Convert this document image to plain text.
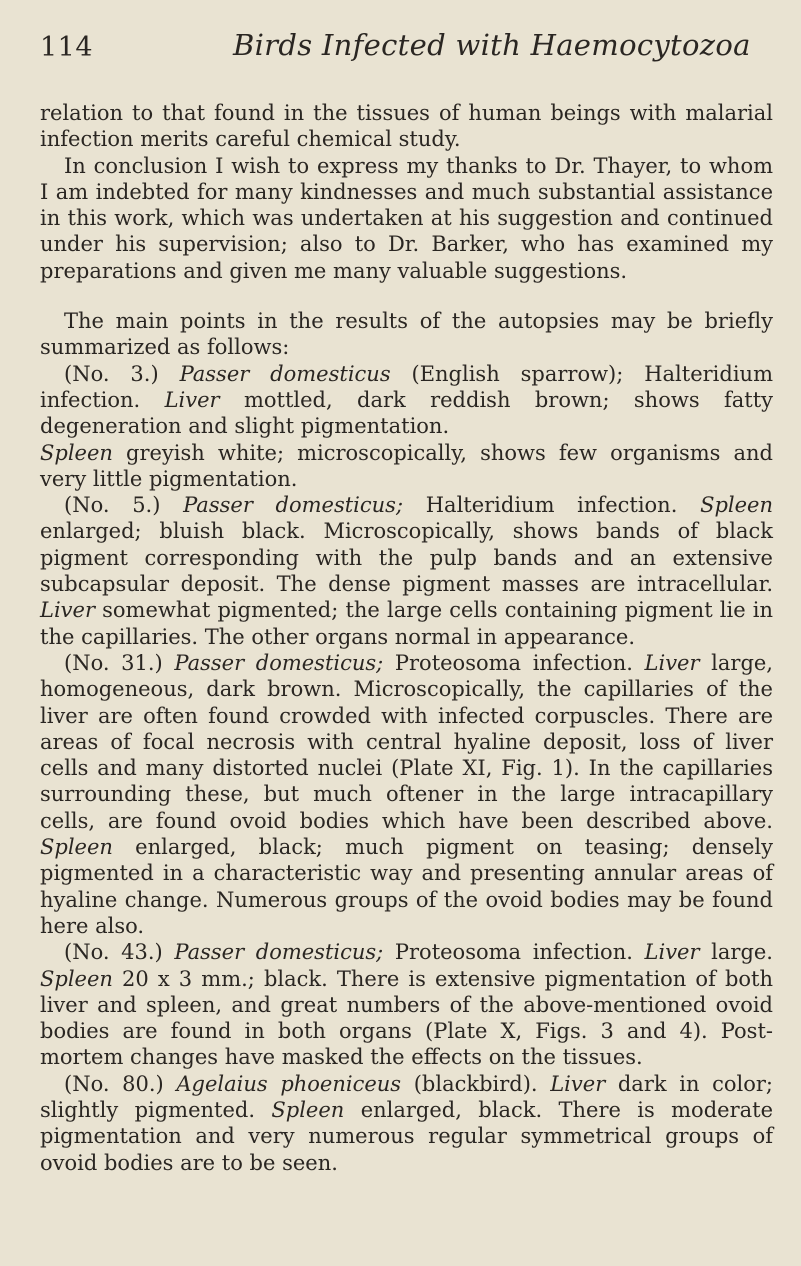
114	Birds Infected with Haemocytozoa

relation to that found in the tissues of human beings with malarial infection merits careful chemical study.

In conclusion I wish to express my thanks to Dr. Thayer, to whom I am indebted for many kindnesses and much substantial assistance in this work, which was undertaken at his suggestion and continued under his supervision; also to Dr. Barker, who has examined my preparations and given me many valuable suggestions.

The main points in the results of the autopsies may be briefly summarized as follows:

(No. 3.) Passer domesticus (English sparrow); Halteridium infection. Liver mottled, dark reddish brown; shows fatty degeneration and slight pigmentation.

Spleen greyish white; microscopically, shows few organisms and very little pigmentation.

(No. 5.) Passer domesticus; Halteridium infection. Spleen enlarged; bluish black. Microscopically, shows bands of black pigment corresponding with the pulp bands and an extensive subcapsular deposit. The dense pigment masses are intracellular. Liver somewhat pigmented; the large cells containing pigment lie in the capillaries. The other organs normal in appearance.

(No. 31.) Passer domesticus; Proteosoma infection. Liver large, homogeneous, dark brown. Microscopically, the capillaries of the liver are often found crowded with infected corpuscles. There are areas of focal necrosis with central hyaline deposit, loss of liver cells and many distorted nuclei (Plate XI, Fig. 1). In the capillaries surrounding these, but much oftener in the large intracapillary cells, are found ovoid bodies which have been described above. Spleen enlarged, black; much pigment on teasing; densely pigmented in a characteristic way and presenting annular areas of hyaline change. Numerous groups of the ovoid bodies may be found here also.

(No. 43.) Passer domesticus; Proteosoma infection. Liver large. Spleen 20 x 3 mm.; black. There is extensive pigmentation of both liver and spleen, and great numbers of the above-mentioned ovoid bodies are found in both organs (Plate X, Figs. 3 and 4). Post-mortem changes have masked the effects on the tissues.

(No. 80.) Agelaius phoeniceus (blackbird). Liver dark in color; slightly pigmented. Spleen enlarged, black. There is moderate pigmentation and very numerous regular symmetrical groups of ovoid bodies are to be seen.
